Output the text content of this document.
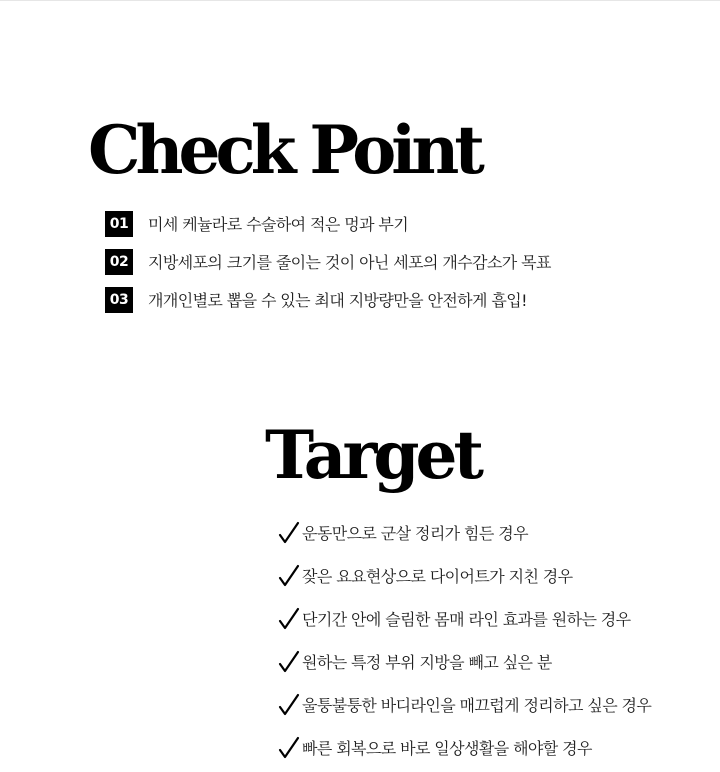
Check Point
01 미세 케뉼라로 수술하여 적은 멍과 부기
02 지방세포의 크기를 줄이는 것이 아닌 세포의 개수감소가 목표
03 개개인별로 뽑을 수 있는 최대 지방량만을 안전하게 흡입!
Target
운동만으로 군살 정리가 힘든 경우
잦은 요요현상으로 다이어트가 지친 경우
단기간 안에 슬림한 몸매 라인 효과를 원하는 경우
원하는 특정 부위 지방을 빼고 싶은 분
울퉁불퉁한 바디라인을 매끄럽게 정리하고 싶은 경우
빠른 회복으로 바로 일상생활을 해야할 경우
